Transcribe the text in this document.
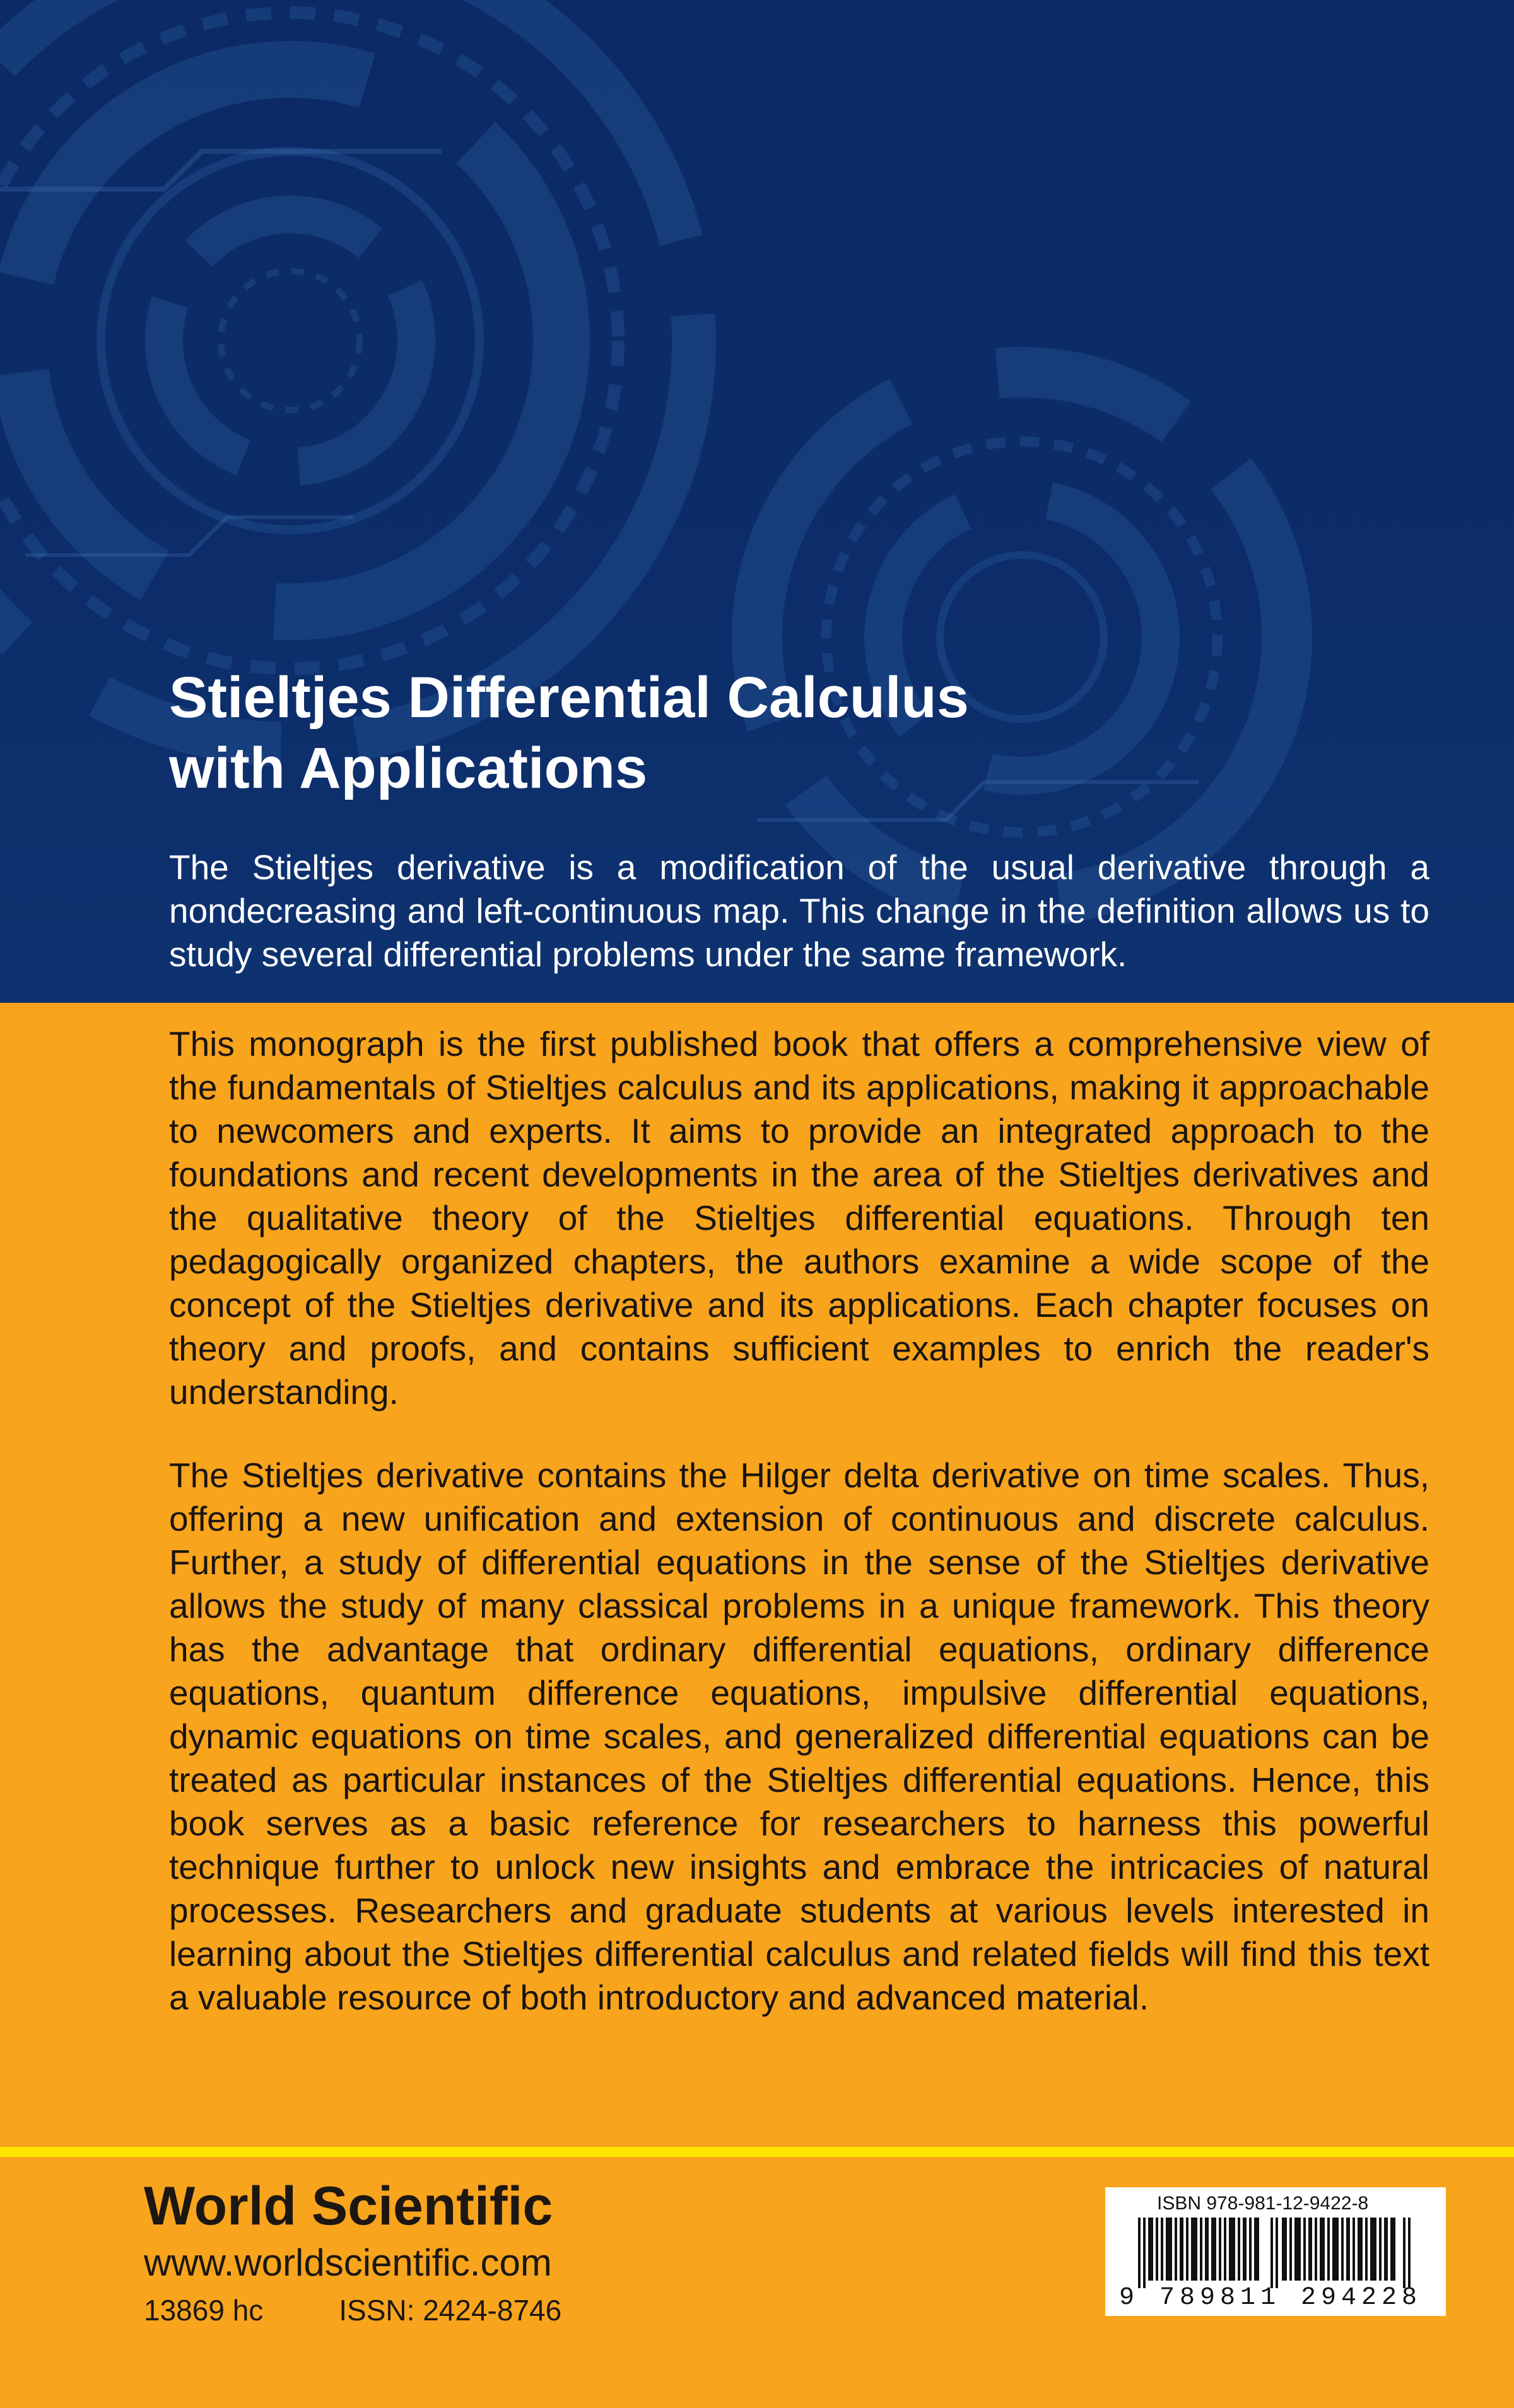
Stieltjes Differential Calculus
with Applications

The Stieltjes derivative is a modification of the usual derivative through a nondecreasing and left-continuous map. This change in the definition allows us to study several differential problems under the same framework.

This monograph is the first published book that offers a comprehensive view of the fundamentals of Stieltjes calculus and its applications, making it approachable to newcomers and experts. It aims to provide an integrated approach to the foundations and recent developments in the area of the Stieltjes derivatives and the qualitative theory of the Stieltjes differential equations. Through ten pedagogically organized chapters, the authors examine a wide scope of the concept of the Stieltjes derivative and its applications. Each chapter focuses on theory and proofs, and contains sufficient examples to enrich the reader's understanding.

The Stieltjes derivative contains the Hilger delta derivative on time scales. Thus, offering a new unification and extension of continuous and discrete calculus. Further, a study of differential equations in the sense of the Stieltjes derivative allows the study of many classical problems in a unique framework. This theory has the advantage that ordinary differential equations, ordinary difference equations, quantum difference equations, impulsive differential equations, dynamic equations on time scales, and generalized differential equations can be treated as particular instances of the Stieltjes differential equations. Hence, this book serves as a basic reference for researchers to harness this powerful technique further to unlock new insights and embrace the intricacies of natural processes. Researchers and graduate students at various levels interested in learning about the Stieltjes differential calculus and related fields will find this text a valuable resource of both introductory and advanced material.

World Scientific
www.worldscientific.com
13869 hc	ISSN: 2424-8746
ISBN 978-981-12-9422-8
9 789811 294228
